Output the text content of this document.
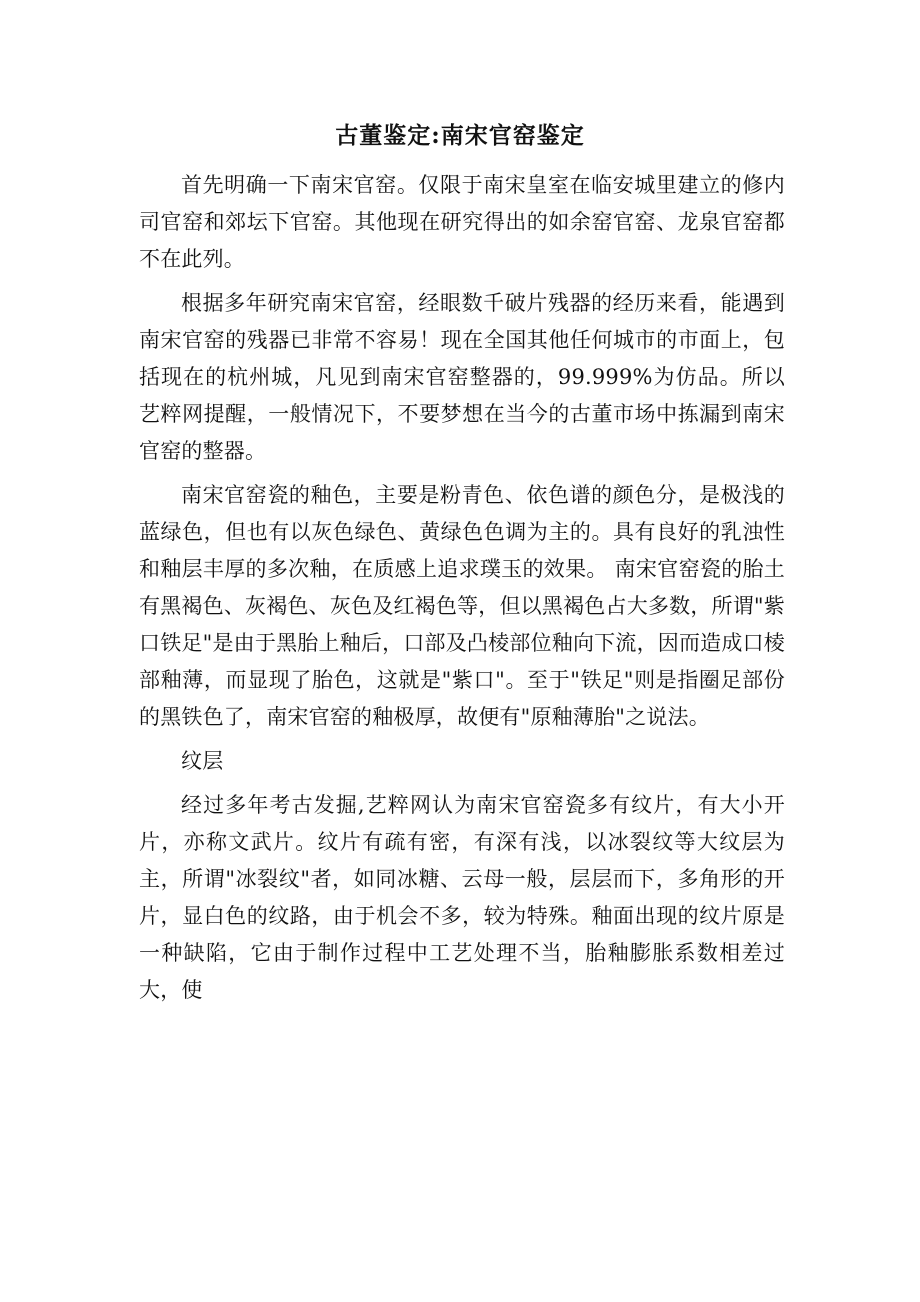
古董鉴定:南宋官窑鉴定

首先明确一下南宋官窑。仅限于南宋皇室在临安城里建立的修内司官窑和郊坛下官窑。其他现在研究得出的如余窑官窑、龙泉官窑都不在此列。

根据多年研究南宋官窑，经眼数千破片残器的经历来看，能遇到南宋官窑的残器已非常不容易！现在全国其他任何城市的市面上，包括现在的杭州城，凡见到南宋官窑整器的，99.999%为仿品。所以艺粹网提醒，一般情况下，不要梦想在当今的古董市场中拣漏到南宋官窑的整器。

南宋官窑瓷的釉色，主要是粉青色、依色谱的颜色分，是极浅的蓝绿色，但也有以灰色绿色、黄绿色色调为主的。具有良好的乳浊性和釉层丰厚的多次釉，在质感上追求璞玉的效果。 南宋官窑瓷的胎土有黑褐色、灰褐色、灰色及红褐色等，但以黑褐色占大多数，所谓"紫口铁足"是由于黑胎上釉后，口部及凸棱部位釉向下流，因而造成口棱部釉薄，而显现了胎色，这就是"紫口"。至于"铁足"则是指圈足部份的黑铁色了，南宋官窑的釉极厚，故便有"原釉薄胎"之说法。

纹层

经过多年考古发掘,艺粹网认为南宋官窑瓷多有纹片，有大小开片，亦称文武片。纹片有疏有密，有深有浅，以冰裂纹等大纹层为主，所谓"冰裂纹"者，如同冰糖、云母一般，层层而下，多角形的开片，显白色的纹路，由于机会不多，较为特殊。釉面出现的纹片原是一种缺陷，它由于制作过程中工艺处理不当，胎釉膨胀系数相差过大，使
